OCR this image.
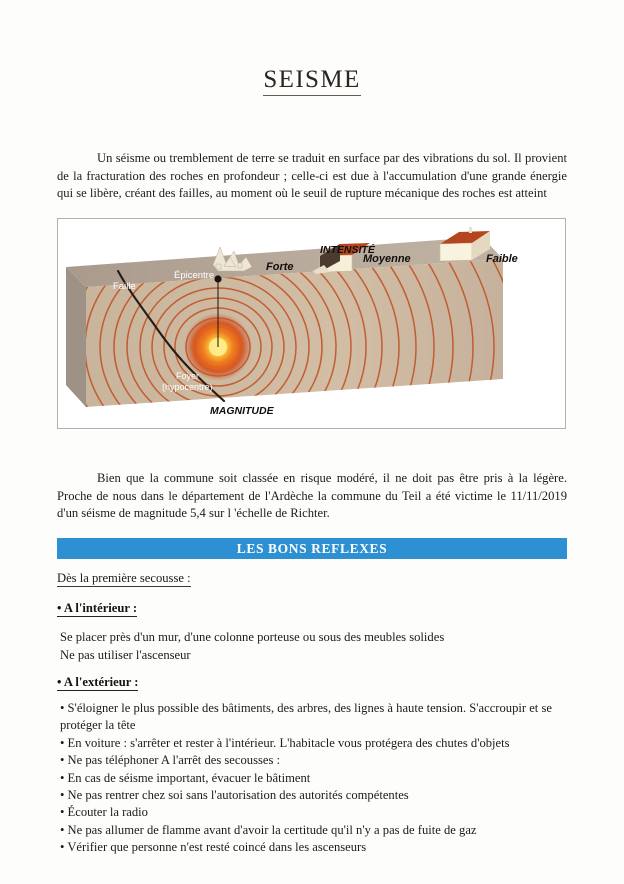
SEISME
Un séisme ou tremblement de terre se traduit en surface par des vibrations du sol. Il provient de la fracturation des roches en profondeur ; celle-ci est due à l'accumulation d'une grande énergie qui se libère, créant des failles, au moment où le seuil de rupture mécanique des roches est atteint
INTENSITÉ
Forte
Moyenne	Faible
Faille
Épicentre
Foyer
(hypocentre)
MAGNITUDE
Bien que la commune soit classée en risque modéré, il ne doit pas être pris à la légère. Proche de nous dans le département de l'Ardèche la commune du Teil a été victime le 11/11/2019 d'un séisme de magnitude 5,4 sur l 'échelle de Richter.
LES BONS REFLEXES
Dès la première secousse :
• A l'intérieur :
Se placer près d'un mur, d'une colonne porteuse ou sous des meubles solides
Ne pas utiliser l'ascenseur
• A l'extérieur :

• S'éloigner le plus possible des bâtiments, des arbres, des lignes à haute tension. S'accroupir et se protéger la tête

• En voiture : s'arrêter et rester à l'intérieur. L'habitacle vous protégera des chutes d'objets

• Ne pas téléphoner A l'arrêt des secousses :

• En cas de séisme important, évacuer le bâtiment

• Ne pas rentrer chez soi sans l'autorisation des autorités compétentes

• Écouter la radio

• Ne pas allumer de flamme avant d'avoir la certitude qu'il n'y a pas de fuite de gaz

• Vérifier que personne n'est resté coincé dans les ascenseurs
